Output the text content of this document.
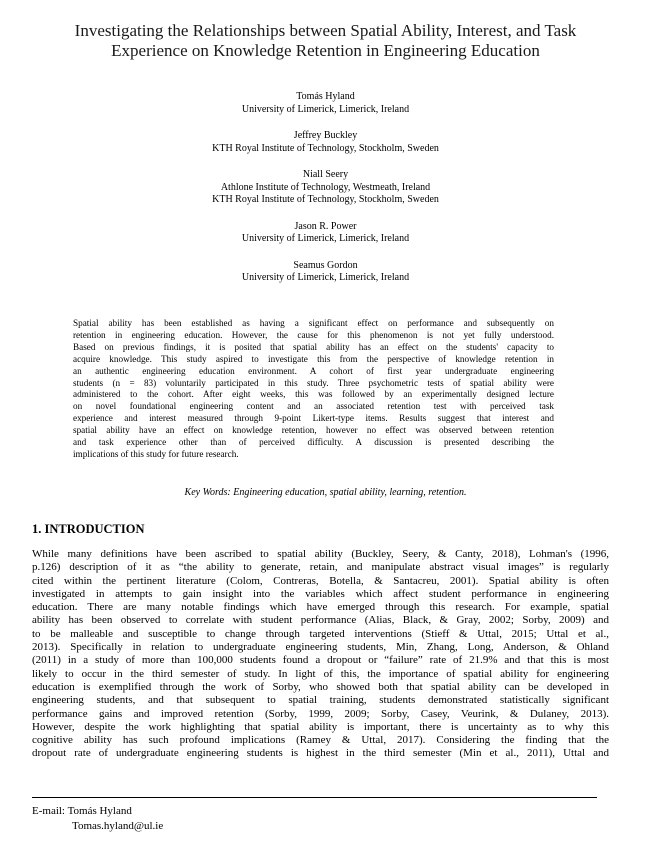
Investigating the Relationships between Spatial Ability, Interest, and Task
Experience on Knowledge Retention in Engineering Education
Tomás Hyland
University of Limerick, Limerick, Ireland
Jeffrey Buckley
KTH Royal Institute of Technology, Stockholm, Sweden
Niall Seery
Athlone Institute of Technology, Westmeath, Ireland
KTH Royal Institute of Technology, Stockholm, Sweden
Jason R. Power
University of Limerick, Limerick, Ireland
Seamus Gordon
University of Limerick, Limerick, Ireland
Spatial ability has been established as having a significant effect on performance and subsequently on
retention in engineering education. However, the cause for this phenomenon is not yet fully understood.
Based on previous findings, it is posited that spatial ability has an effect on the students' capacity to
acquire knowledge. This study aspired to investigate this from the perspective of knowledge retention in
an authentic engineering education environment. A cohort of first year undergraduate engineering
students (n = 83) voluntarily participated in this study. Three psychometric tests of spatial ability were
administered to the cohort. After eight weeks, this was followed by an experimentally designed lecture
on novel foundational engineering content and an associated retention test with perceived task
experience and interest measured through 9-point Likert-type items. Results suggest that interest and
spatial ability have an effect on knowledge retention, however no effect was observed between retention
and task experience other than of perceived difficulty. A discussion is presented describing the
implications of this study for future research.
Key Words: Engineering education, spatial ability, learning, retention.
1. INTRODUCTION
While many definitions have been ascribed to spatial ability (Buckley, Seery, & Canty, 2018), Lohman's (1996,
p.126) description of it as “the ability to generate, retain, and manipulate abstract visual images” is regularly
cited within the pertinent literature (Colom, Contreras, Botella, & Santacreu, 2001). Spatial ability is often
investigated in attempts to gain insight into the variables which affect student performance in engineering
education. There are many notable findings which have emerged through this research. For example, spatial
ability has been observed to correlate with student performance (Alias, Black, & Gray, 2002; Sorby, 2009) and
to be malleable and susceptible to change through targeted interventions (Stieff & Uttal, 2015; Uttal et al.,
2013). Specifically in relation to undergraduate engineering students, Min, Zhang, Long, Anderson, & Ohland
(2011) in a study of more than 100,000 students found a dropout or “failure” rate of 21.9% and that this is most
likely to occur in the third semester of study. In light of this, the importance of spatial ability for engineering
education is exemplified through the work of Sorby, who showed both that spatial ability can be developed in
engineering students, and that subsequent to spatial training, students demonstrated statistically significant
performance gains and improved retention (Sorby, 1999, 2009; Sorby, Casey, Veurink, & Dulaney, 2013).
However, despite the work highlighting that spatial ability is important, there is uncertainty as to why this
cognitive ability has such profound implications (Ramey & Uttal, 2017). Considering the finding that the
dropout rate of undergraduate engineering students is highest in the third semester (Min et al., 2011), Uttal and
E-mail: Tomás Hyland
Tomas.hyland@ul.ie
